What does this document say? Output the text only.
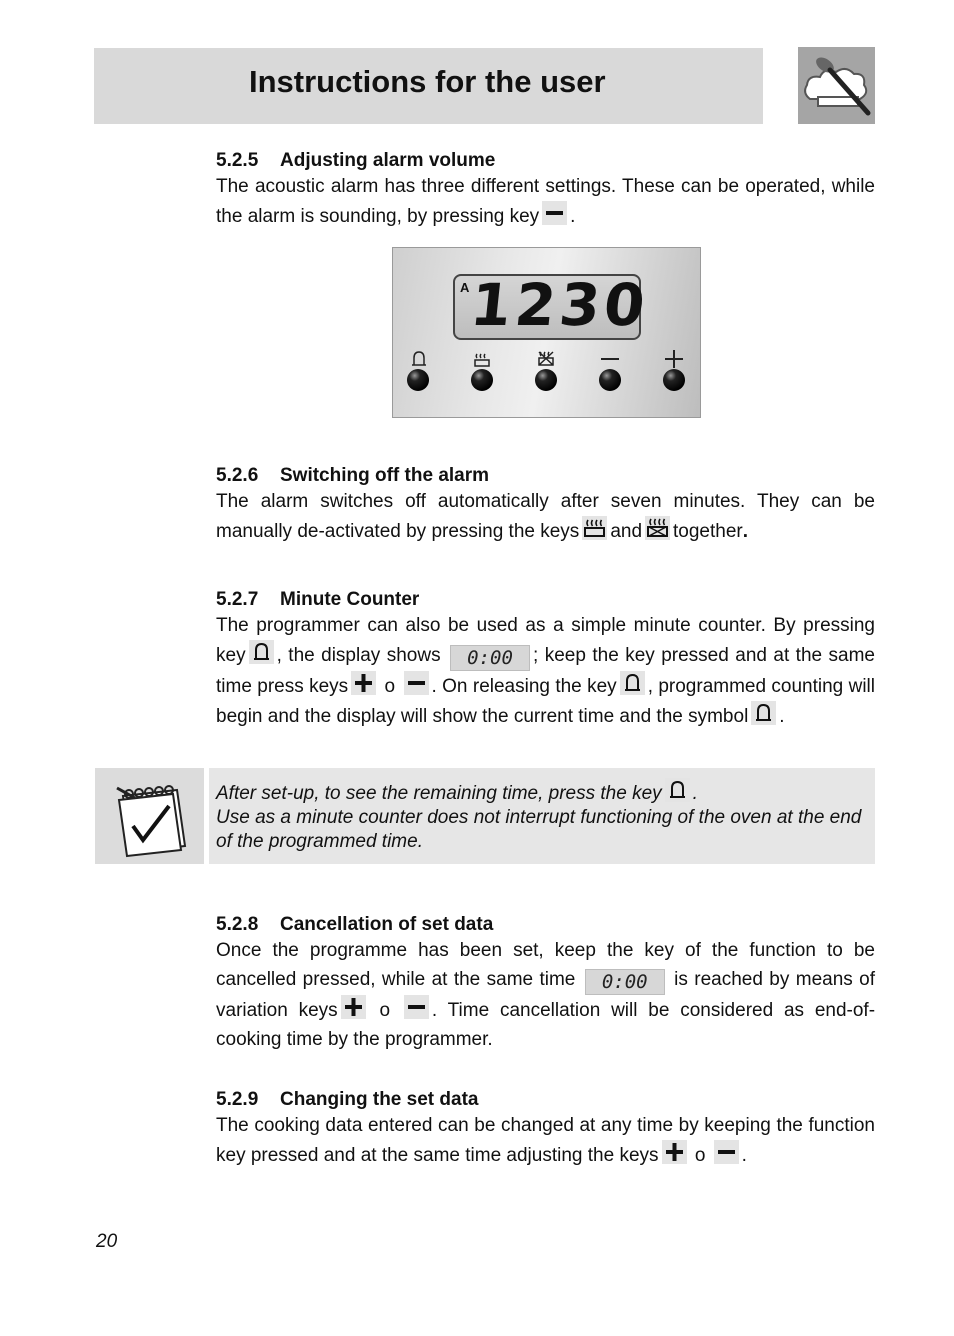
Instructions for the user
5.2.5 Adjusting alarm volume

The acoustic alarm has three different settings. These can be operated, while the alarm is sounding, by pressing key .

A
1230
5.2.6 Switching off the alarm

The alarm switches off automatically after seven minutes. They can be manually de-activated by pressing the keys and together.

5.2.7 Minute Counter

The programmer can also be used as a simple minute counter. By pressing key , the display shows 0:00 ; keep the key pressed and at the same time press keys o . On releasing the key , programmed counting will begin and the display will show the current time and the symbol .

After set-up, to see the remaining time, press the key .
Use as a minute counter does not interrupt functioning of the oven at the end of the programmed time.

5.2.8 Cancellation of set data

Once the programme has been set, keep the key of the function to be cancelled pressed, while at the same time 0:00 is reached by means of variation keys o . Time cancellation will be considered as end-of-cooking time by the programmer.

5.2.9 Changing the set data

The cooking data entered can be changed at any time by keeping the function key pressed and at the same time adjusting the keys o .

20
